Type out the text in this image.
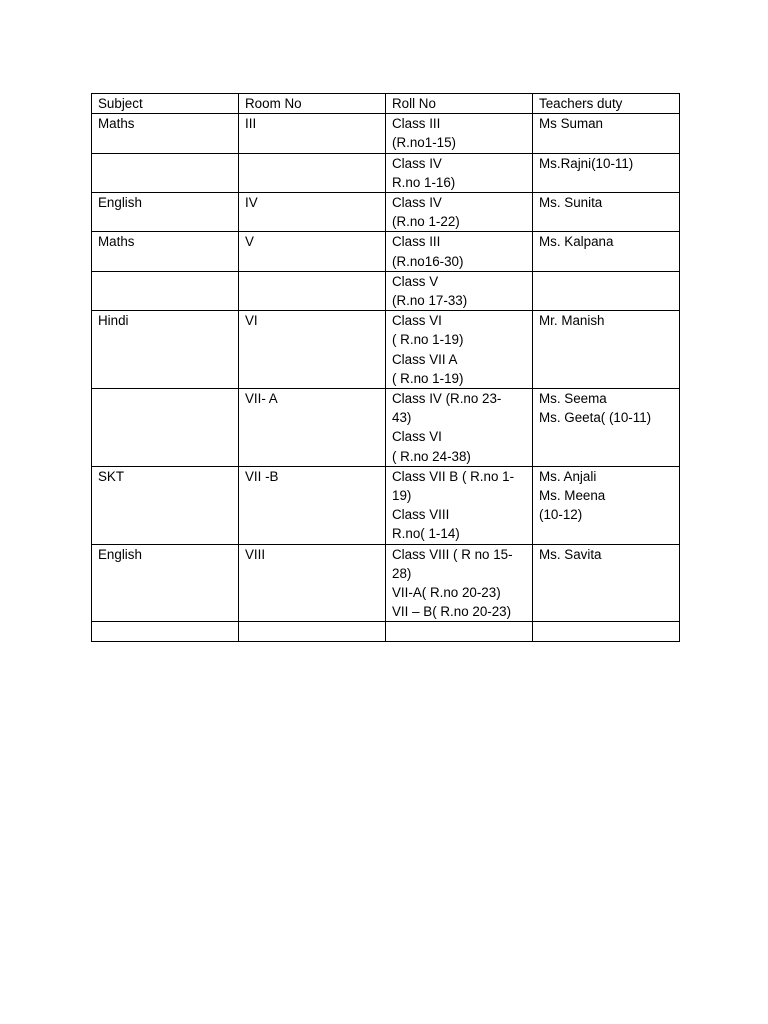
Subject	Room No	Roll No	Teachers duty
Maths	III	Class III
(R.no1-15)	Ms Suman

		Class IV
R.no 1-16)	Ms.Rajni(10-11)

English	IV	Class IV
(R.no 1-22)	Ms. Sunita

Maths	V	Class III
(R.no16-30)	Ms. Kalpana

		Class V
(R.no 17-33)	

Hindi	VI	Class VI
( R.no 1-19)
Class VII A
( R.no 1-19)	Mr. Manish

	VII- A	Class IV (R.no 23-
43)
Class VI
( R.no 24-38)	Ms. Seema
Ms. Geeta( (10-11)

SKT	VII -B	Class VII B ( R.no 1-
19)
Class VIII
R.no( 1-14)	Ms. Anjali
Ms. Meena
(10-12)

English	VIII	Class VIII ( R no 15-
28)
VII-A( R.no 20-23)
VII – B( R.no 20-23)	Ms. Savita
